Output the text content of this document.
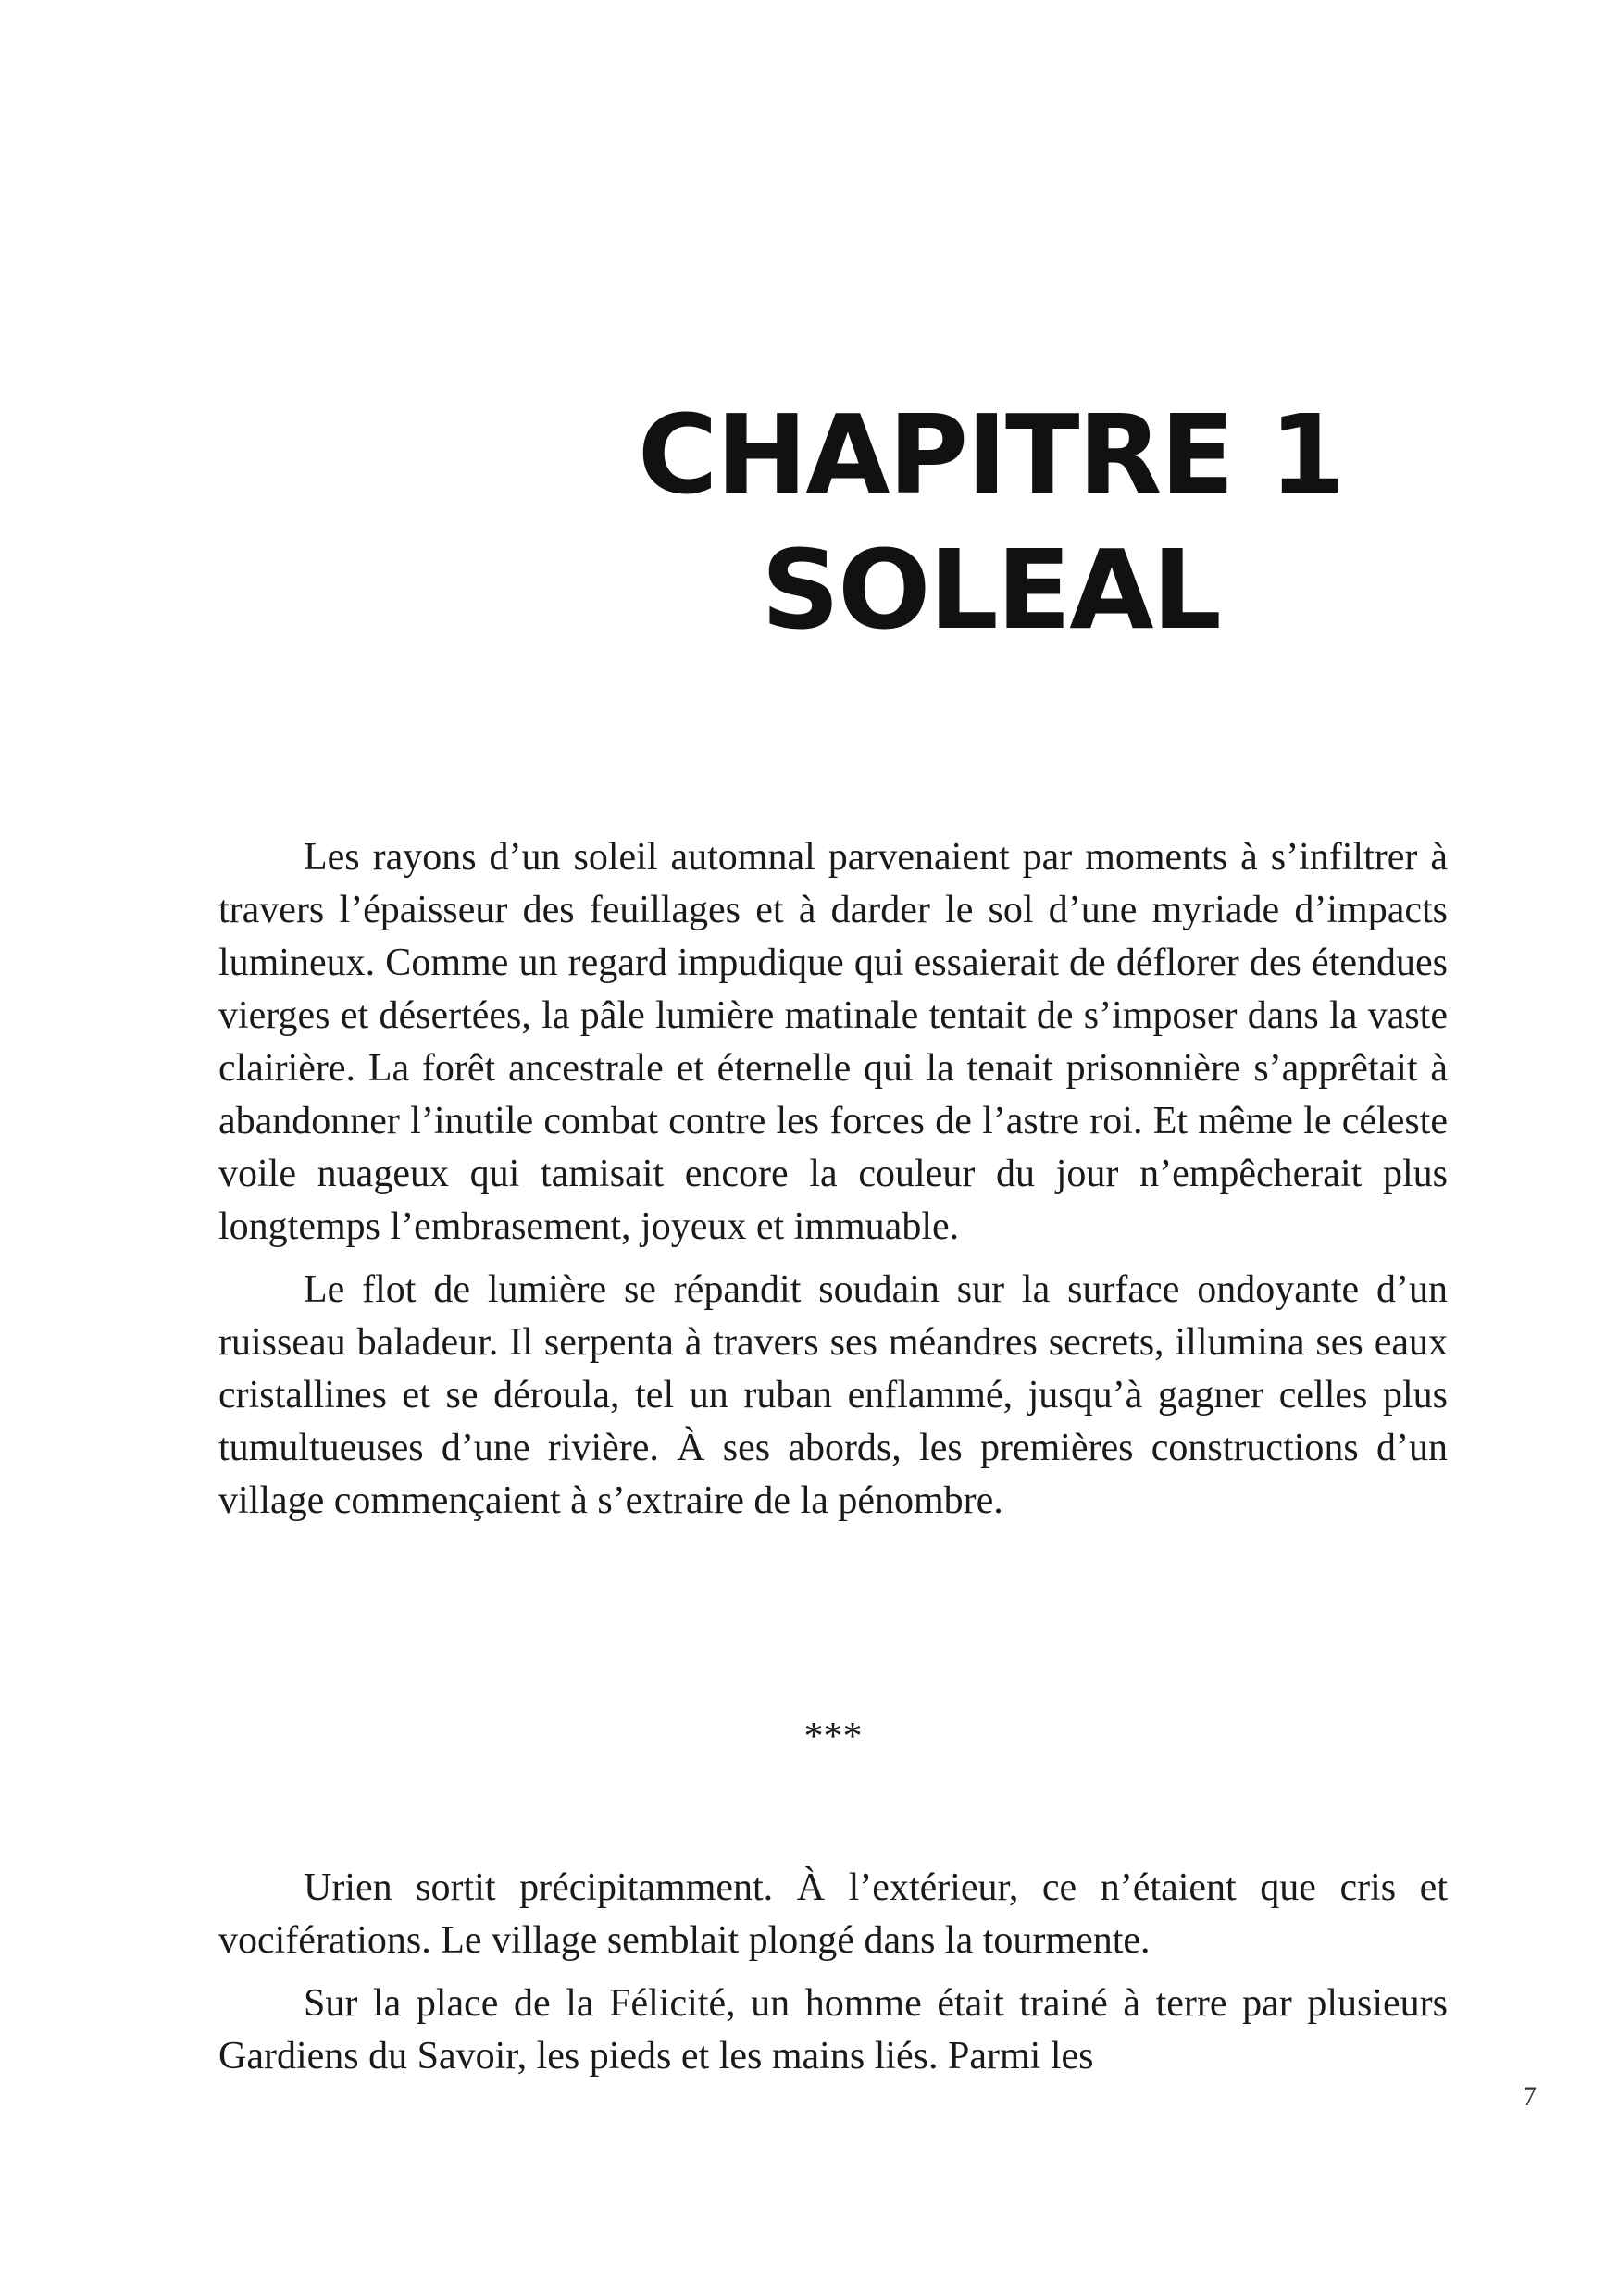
CHAPITRE 1
SOLEAL

Les rayons d’un soleil automnal parvenaient par moments à s’infiltrer à travers l’épaisseur des feuillages et à darder le sol d’une myriade d’impacts lumineux. Comme un regard impudique qui essaierait de déflorer des étendues vierges et désertées, la pâle lumière matinale tentait de s’imposer dans la vaste clairière. La forêt ancestrale et éternelle qui la tenait prisonnière s’apprêtait à abandonner l’inutile combat contre les forces de l’astre roi. Et même le céleste voile nuageux qui tamisait encore la couleur du jour n’empêcherait plus longtemps l’embrasement, joyeux et immuable.

Le flot de lumière se répandit soudain sur la surface ondoyante d’un ruisseau baladeur. Il serpenta à travers ses méandres secrets, illumina ses eaux cristallines et se déroula, tel un ruban enflammé, jusqu’à gagner celles plus tumultueuses d’une rivière. À ses abords, les premières constructions d’un village commençaient à s’extraire de la pénombre.

***

Urien sortit précipitamment. À l’extérieur, ce n’étaient que cris et vociférations. Le village semblait plongé dans la tourmente.

Sur la place de la Félicité, un homme était trainé à terre par plusieurs Gardiens du Savoir, les pieds et les mains liés. Parmi les

7
